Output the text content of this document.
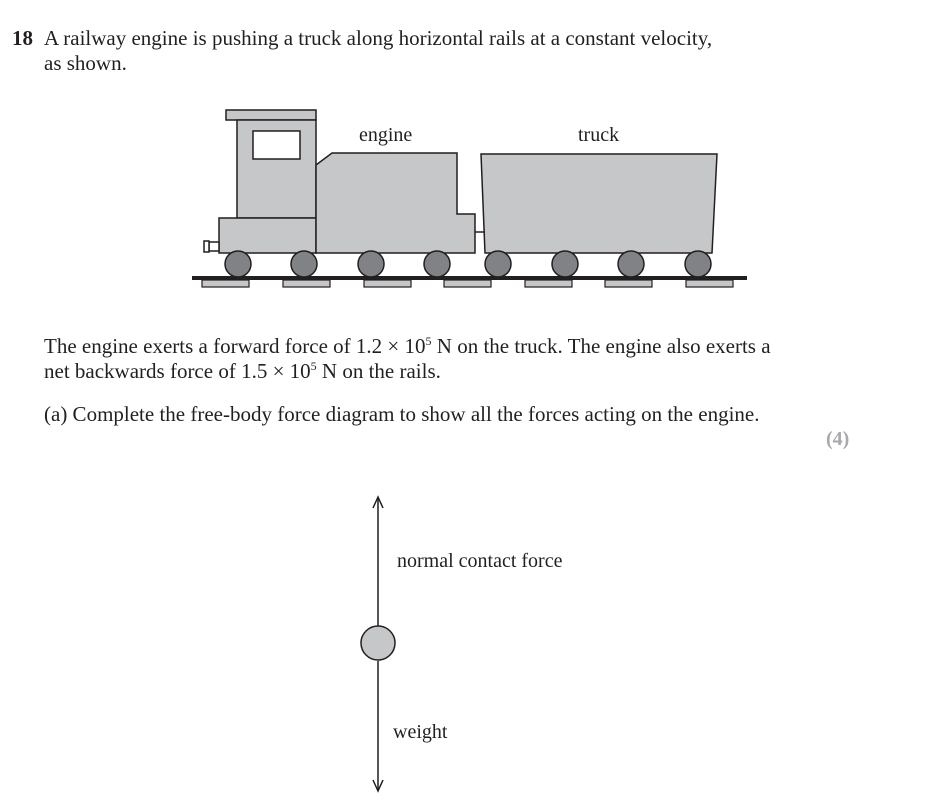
18 A railway engine is pushing a truck along horizontal rails at a constant velocity,
as shown.
engine	truck
The engine exerts a forward force of $1.2 \times 10^5$ N on the truck. The engine also exerts a
net backwards force of $1.5 \times 10^5$ N on the rails.
(a) Complete the free-body force diagram to show all the forces acting on the engine.
(4)
normal contact force
weight
